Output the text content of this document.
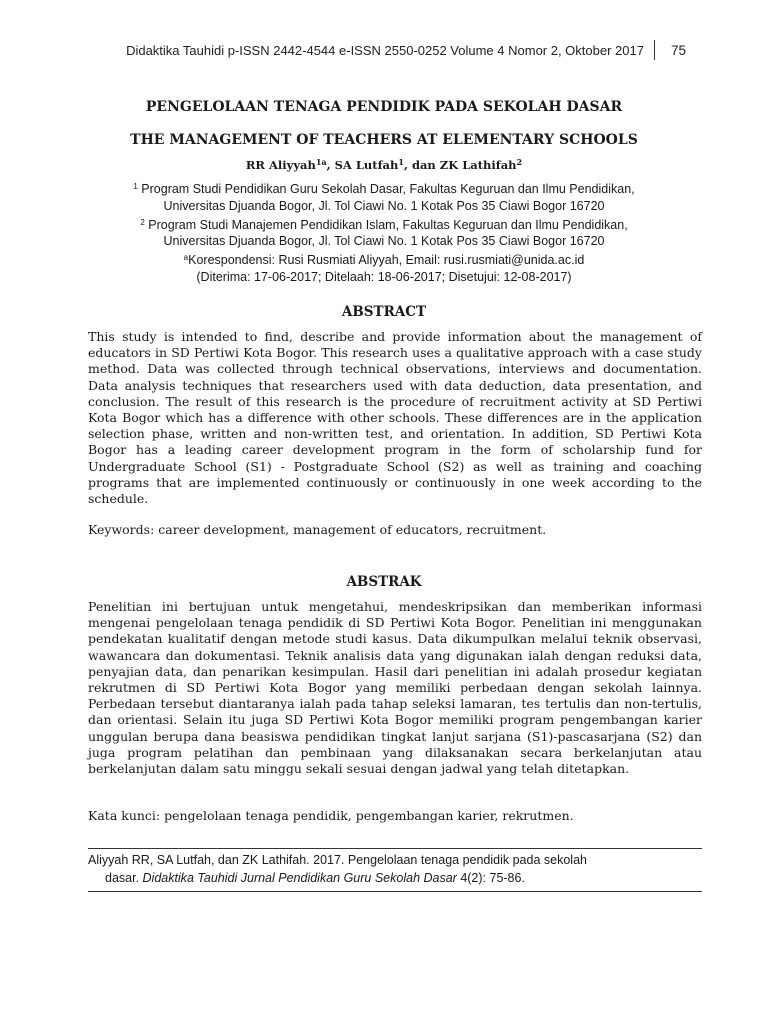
Didaktika Tauhidi p-ISSN 2442-4544 e-ISSN 2550-0252 Volume 4 Nomor 2, Oktober 2017	75
PENGELOLAAN TENAGA PENDIDIK PADA SEKOLAH DASAR
THE MANAGEMENT OF TEACHERS AT ELEMENTARY SCHOOLS
RR Aliyyah$^{1a}$, SA Lutfah$^1$, dan ZK Lathifah$^2$
$^1$ Program Studi Pendidikan Guru Sekolah Dasar, Fakultas Keguruan dan Ilmu Pendidikan,
Universitas Djuanda Bogor, Jl. Tol Ciawi No. 1 Kotak Pos 35 Ciawi Bogor 16720
$^2$ Program Studi Manajemen Pendidikan Islam, Fakultas Keguruan dan Ilmu Pendidikan,
Universitas Djuanda Bogor, Jl. Tol Ciawi No. 1 Kotak Pos 35 Ciawi Bogor 16720
$^a$Korespondensi: Rusi Rusmiati Aliyyah, Email: rusi.rusmiati@unida.ac.id
(Diterima: 17-06-2017; Ditelaah: 18-06-2017; Disetujui: 12-08-2017)
ABSTRACT
This study is intended to find, describe and provide information about the management of educators in SD Pertiwi Kota Bogor. This research uses a qualitative approach with a case study method. Data was collected through technical observations, interviews and documentation. Data analysis techniques that researchers used with data deduction, data presentation, and conclusion. The result of this research is the procedure of recruitment activity at SD Pertiwi Kota Bogor which has a difference with other schools. These differences are in the application selection phase, written and non-written test, and orientation. In addition, SD Pertiwi Kota Bogor has a leading career development program in the form of scholarship fund for Undergraduate School (S1) - Postgraduate School (S2) as well as training and coaching programs that are implemented continuously or continuously in one week according to the schedule.
Keywords: career development, management of educators, recruitment.
ABSTRAK
Penelitian ini bertujuan untuk mengetahui, mendeskripsikan dan memberikan informasi mengenai pengelolaan tenaga pendidik di SD Pertiwi Kota Bogor. Penelitian ini menggunakan pendekatan kualitatif dengan metode studi kasus. Data dikumpulkan melalui teknik observasi, wawancara dan dokumentasi. Teknik analisis data yang digunakan ialah dengan reduksi data, penyajian data, dan penarikan kesimpulan. Hasil dari penelitian ini adalah prosedur kegiatan rekrutmen di SD Pertiwi Kota Bogor yang memiliki perbedaan dengan sekolah lainnya. Perbedaan tersebut diantaranya ialah pada tahap seleksi lamaran, tes tertulis dan non-tertulis, dan orientasi. Selain itu juga SD Pertiwi Kota Bogor memiliki program pengembangan karier unggulan berupa dana beasiswa pendidikan tingkat lanjut sarjana (S1)-pascasarjana (S2) dan juga program pelatihan dan pembinaan yang dilaksanakan secara berkelanjutan atau berkelanjutan dalam satu minggu sekali sesuai dengan jadwal yang telah ditetapkan.
Kata kunci: pengelolaan tenaga pendidik, pengembangan karier, rekrutmen.
Aliyyah RR, SA Lutfah, dan ZK Lathifah. 2017. Pengelolaan tenaga pendidik pada sekolah
dasar. Didaktika Tauhidi Jurnal Pendidikan Guru Sekolah Dasar 4(2): 75-86.
